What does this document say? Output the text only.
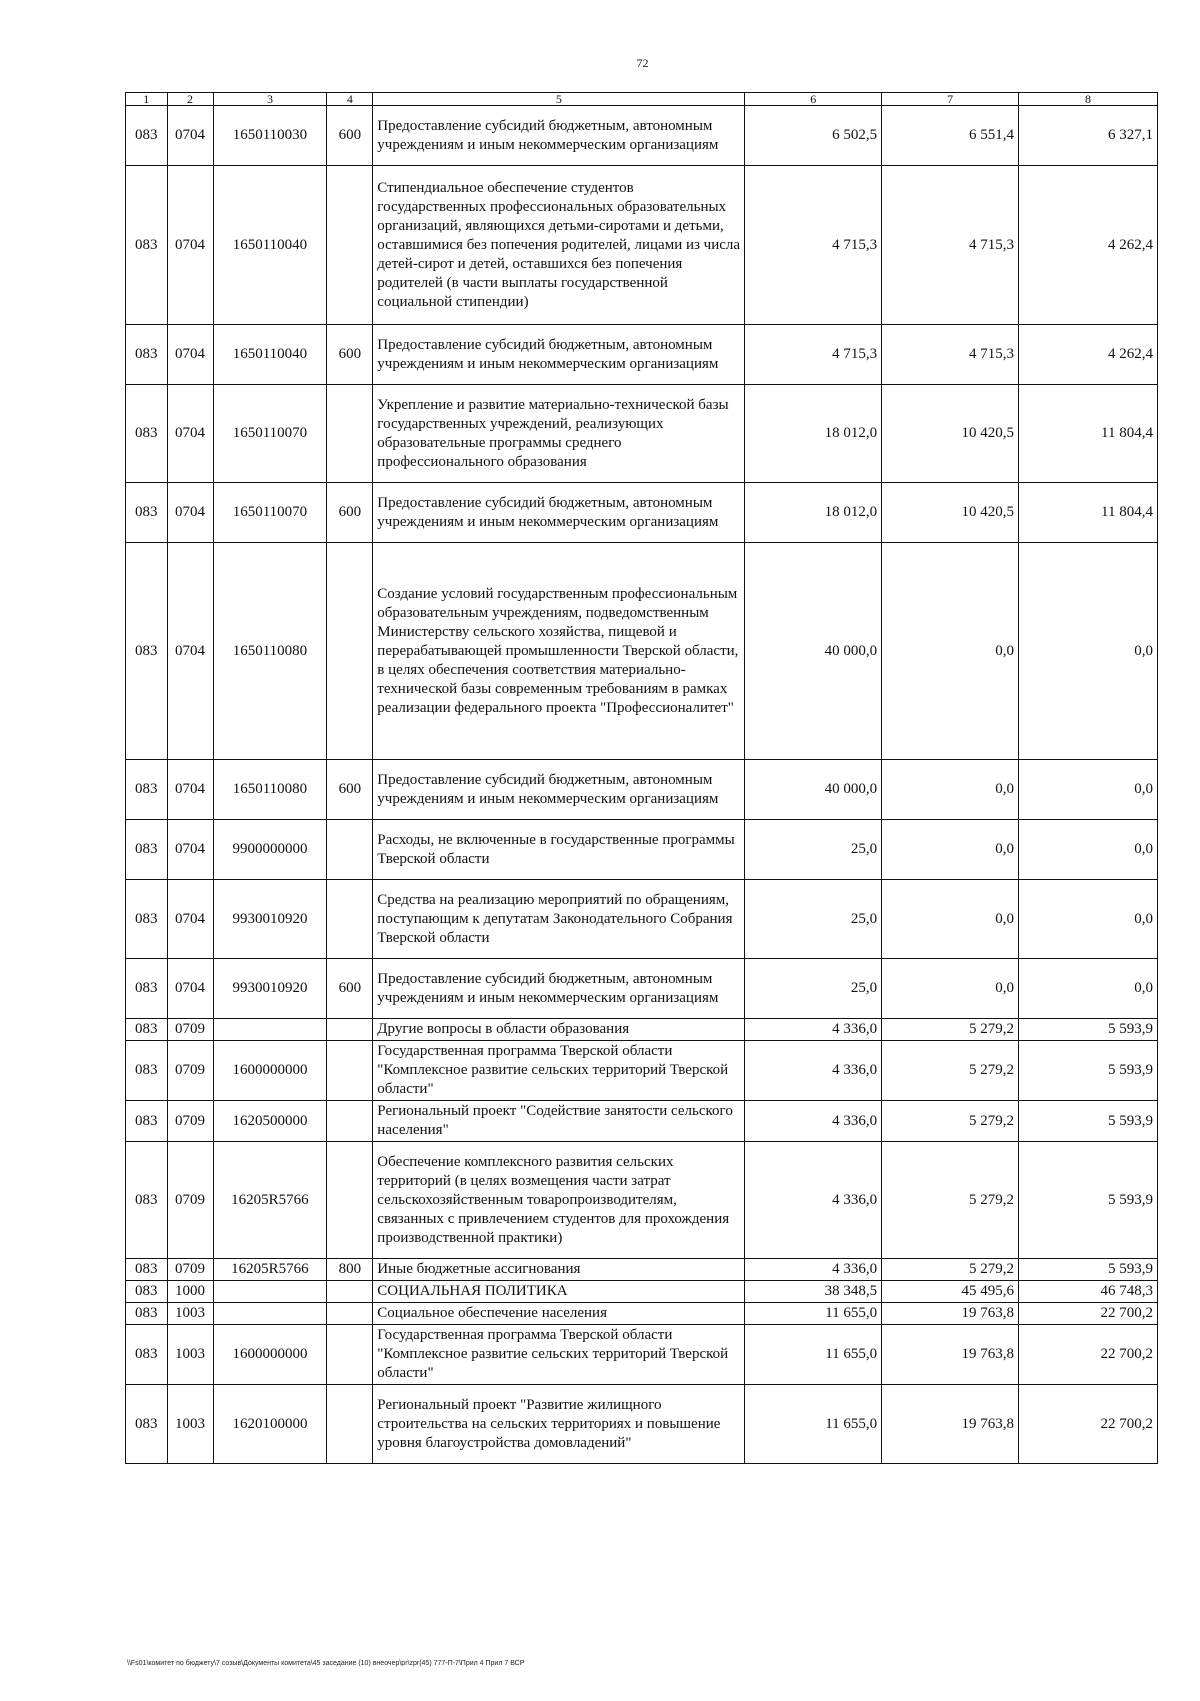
72
1	2	3	4	5	6	7	8
083	0704	1650110030	600	Предоставление субсидий бюджетным, автономным учреждениям и иным некоммерческим организациям	6 502,5	6 551,4	6 327,1
083	0704	1650110040		Стипендиальное обеспечение студентов государственных профессиональных образовательных организаций, являющихся детьми-сиротами и детьми, оставшимися без попечения родителей, лицами из числа детей-сирот и детей, оставшихся без попечения родителей (в части выплаты государственной социальной стипендии)	4 715,3	4 715,3	4 262,4
083	0704	1650110040	600	Предоставление субсидий бюджетным, автономным учреждениям и иным некоммерческим организациям	4 715,3	4 715,3	4 262,4
083	0704	1650110070		Укрепление и развитие материально-технической базы государственных учреждений, реализующих образовательные программы среднего профессионального образования	18 012,0	10 420,5	11 804,4
083	0704	1650110070	600	Предоставление субсидий бюджетным, автономным учреждениям и иным некоммерческим организациям	18 012,0	10 420,5	11 804,4
083	0704	1650110080		Создание условий государственным профессиональным образовательным учреждениям, подведомственным Министерству сельского хозяйства, пищевой и перерабатывающей промышленности Тверской области, в целях обеспечения соответствия материально-технической базы современным требованиям в рамках реализации федерального проекта "Профессионалитет"	40 000,0	0,0	0,0
083	0704	1650110080	600	Предоставление субсидий бюджетным, автономным учреждениям и иным некоммерческим организациям	40 000,0	0,0	0,0
083	0704	9900000000		Расходы, не включенные в государственные программы Тверской области	25,0	0,0	0,0
083	0704	9930010920		Средства на реализацию мероприятий по обращениям, поступающим к депутатам Законодательного Собрания Тверской области	25,0	0,0	0,0
083	0704	9930010920	600	Предоставление субсидий бюджетным, автономным учреждениям и иным некоммерческим организациям	25,0	0,0	0,0
083	0709			Другие вопросы в области образования	4 336,0	5 279,2	5 593,9
083	0709	1600000000		Государственная программа Тверской области "Комплексное развитие сельских территорий Тверской области"	4 336,0	5 279,2	5 593,9
083	0709	1620500000		Региональный проект "Содействие занятости сельского населения"	4 336,0	5 279,2	5 593,9
083	0709	16205R5766		Обеспечение комплексного развития сельских территорий (в целях возмещения части затрат сельскохозяйственным товаропроизводителям, связанных с привлечением студентов для прохождения производственной практики)	4 336,0	5 279,2	5 593,9
083	0709	16205R5766	800	Иные бюджетные ассигнования	4 336,0	5 279,2	5 593,9
083	1000			СОЦИАЛЬНАЯ ПОЛИТИКА	38 348,5	45 495,6	46 748,3
083	1003			Социальное обеспечение населения	11 655,0	19 763,8	22 700,2
083	1003	1600000000		Государственная программа Тверской области "Комплексное развитие сельских территорий Тверской области"	11 655,0	19 763,8	22 700,2
083	1003	1620100000		Региональный проект "Развитие жилищного строительства на сельских территориях и повышение уровня благоустройства домовладений"	11 655,0	19 763,8	22 700,2
\\Fs01\комитет по бюджету\7 созыв\Документы комитета\45 заседание (10) внеочер\pr\zpr(45) 777-П-7\Прил 4 Прил 7 ВСР
